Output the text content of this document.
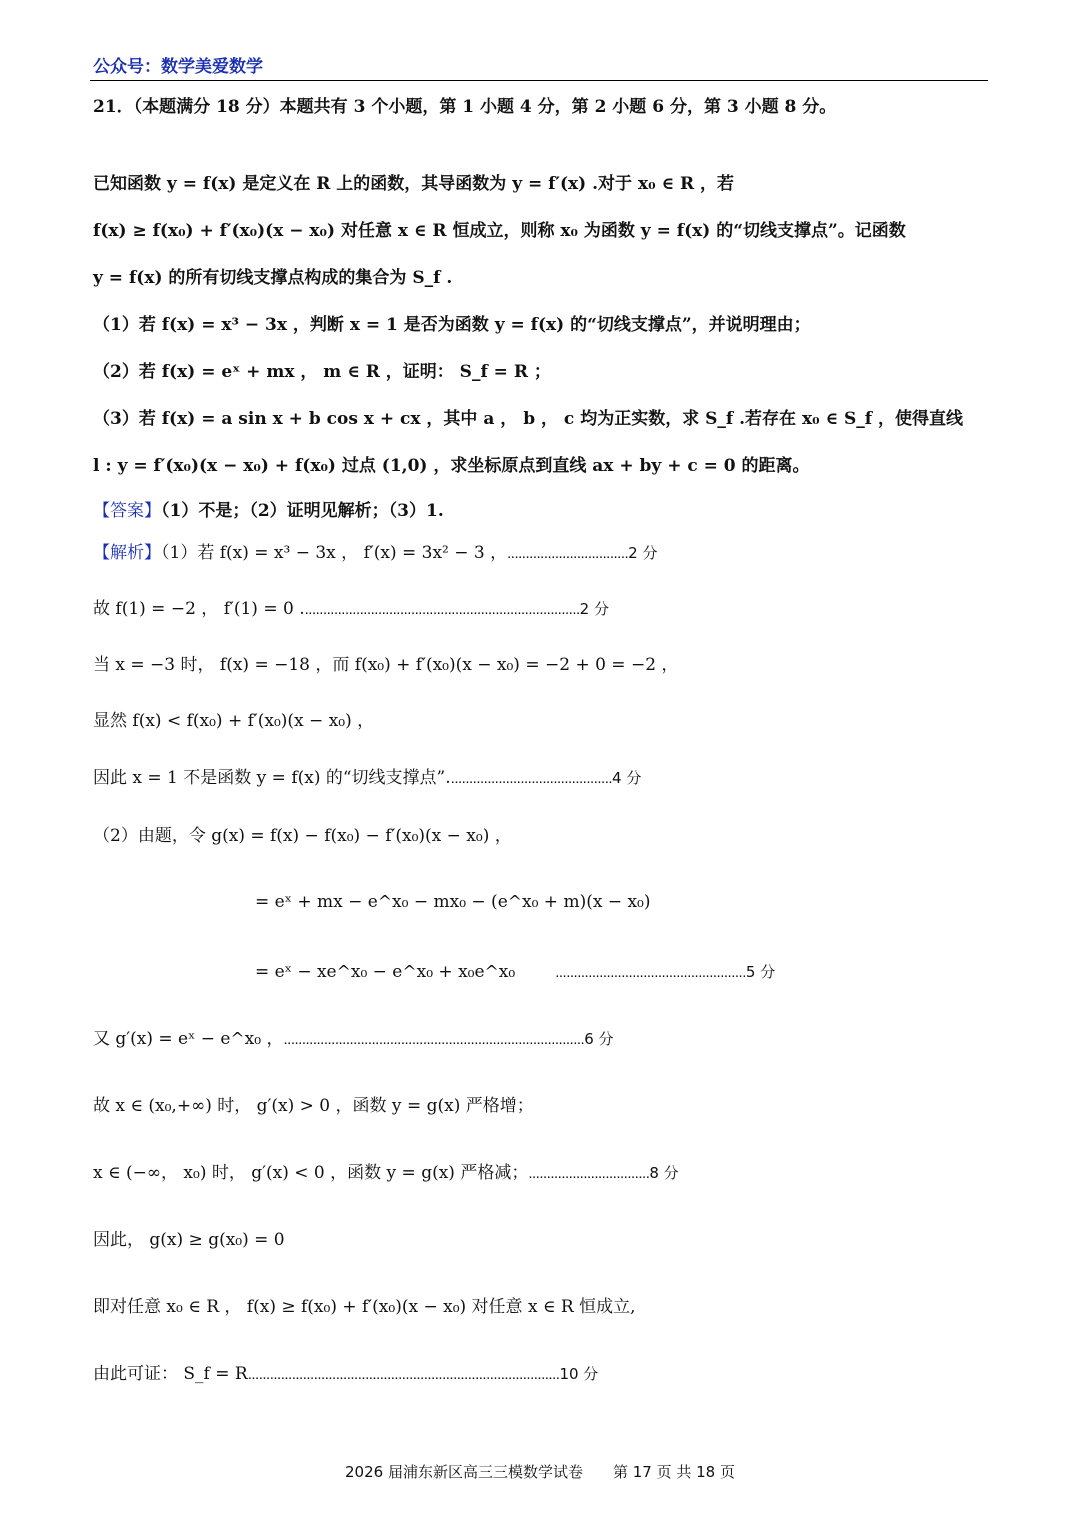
公众号：数学美爱数学
21．（本题满分 18 分）本题共有 3 个小题，第 1 小题 4 分，第 2 小题 6 分，第 3 小题 8 分。
已知函数 y = f(x) 是定义在 R 上的函数，其导函数为 y = f′(x) .对于 x₀ ∈ R ，若
f(x) ≥ f(x₀) + f′(x₀)(x − x₀) 对任意 x ∈ R 恒成立，则称 x₀ 为函数 y = f(x) 的“切线支撑点”。记函数
y = f(x) 的所有切线支撑点构成的集合为 S_f .
（1）若 f(x) = x³ − 3x ，判断 x = 1 是否为函数 y = f(x) 的“切线支撑点”，并说明理由；
（2）若 f(x) = eˣ + mx ， m ∈ R ，证明： S_f = R ；
（3）若 f(x) = a sin x + b cos x + cx ，其中 a ， b ， c 均为正实数，求 S_f .若存在 x₀ ∈ S_f ，使得直线
l : y = f′(x₀)(x − x₀) + f(x₀) 过点 (1,0) ，求坐标原点到直线 ax + by + c = 0 的距离。
【答案】（1）不是；（2）证明见解析；（3）1.
【解析】（1）若 f(x) = x³ − 3x ， f′(x) = 3x² − 3 ，.................................2 分
故 f(1) = −2 ， f′(1) = 0 ............................................................................2 分
当 x = −3 时， f(x) = −18 ，而 f(x₀) + f′(x₀)(x − x₀) = −2 + 0 = −2 ，
显然 f(x) < f(x₀) + f′(x₀)(x − x₀) ，
因此 x = 1 不是函数 y = f(x) 的“切线支撑点”.............................................4 分
（2）由题，令 g(x) = f(x) − f(x₀) − f′(x₀)(x − x₀) ，
= eˣ + mx − e^x₀ − mx₀ − (e^x₀ + m)(x − x₀)
= eˣ − xe^x₀ − e^x₀ + x₀e^x₀	....................................................5 分
又 g′(x) = eˣ − e^x₀ ，..................................................................................6 分
故 x ∈ (x₀,+∞) 时， g′(x) > 0 ，函数 y = g(x) 严格增；
x ∈ (−∞， x₀) 时， g′(x) < 0 ，函数 y = g(x) 严格减；.................................8 分
因此， g(x) ≥ g(x₀) = 0
即对任意 x₀ ∈ R ， f(x) ≥ f(x₀) + f′(x₀)(x − x₀) 对任意 x ∈ R 恒成立,
由此可证： S_f = R.....................................................................................10 分
2026 届浦东新区高三三模数学试卷　　第 17 页 共 18 页
